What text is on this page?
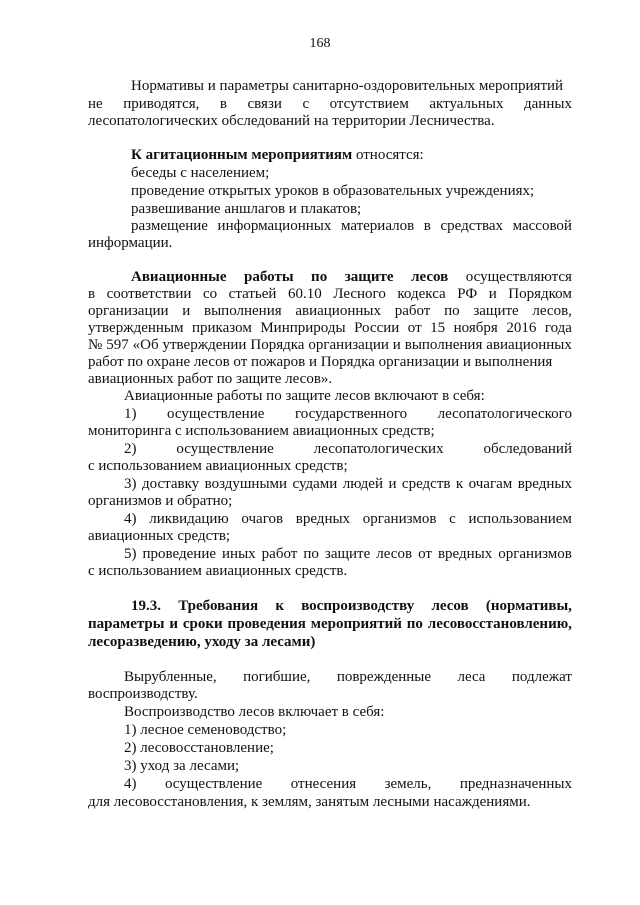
168
Нормативы и параметры санитарно-оздоровительных мероприятий
не приводятся, в связи с отсутствием актуальных данных
лесопатологических обследований на территории Лесничества.
К агитационным мероприятиям относятся:
беседы с населением;
проведение открытых уроков в образовательных учреждениях;
развешивание аншлагов и плакатов;
размещение информационных материалов в средствах массовой
информации.
Авиационные работы по защите лесов осуществляются
в соответствии со статьей 60.10 Лесного кодекса РФ и Порядком
организации и выполнения авиационных работ по защите лесов,
утвержденным приказом Минприроды России от 15 ноября 2016 года
№ 597 «Об утверждении Порядка организации и выполнения авиационных
работ по охране лесов от пожаров и Порядка организации и выполнения
авиационных работ по защите лесов».
Авиационные работы по защите лесов включают в себя:
1) осуществление государственного лесопатологического
мониторинга с использованием авиационных средств;
2)	осуществление	лесопатологических	обследований
с использованием авиационных средств;
3) доставку воздушными судами людей и средств к очагам вредных
организмов и обратно;
4) ликвидацию очагов вредных организмов с использованием
авиационных средств;
5) проведение иных работ по защите лесов от вредных организмов
с использованием авиационных средств.
19.3. Требования к воспроизводству лесов (нормативы,
параметры и сроки проведения мероприятий по лесовосстановлению,
лесоразведению, уходу за лесами)
Вырубленные, погибшие, поврежденные леса подлежат
воспроизводству.
Воспроизводство лесов включает в себя:
1) лесное семеноводство;
2) лесовосстановление;
3) уход за лесами;
4) осуществление отнесения земель, предназначенных
для лесовосстановления, к землям, занятым лесными насаждениями.
